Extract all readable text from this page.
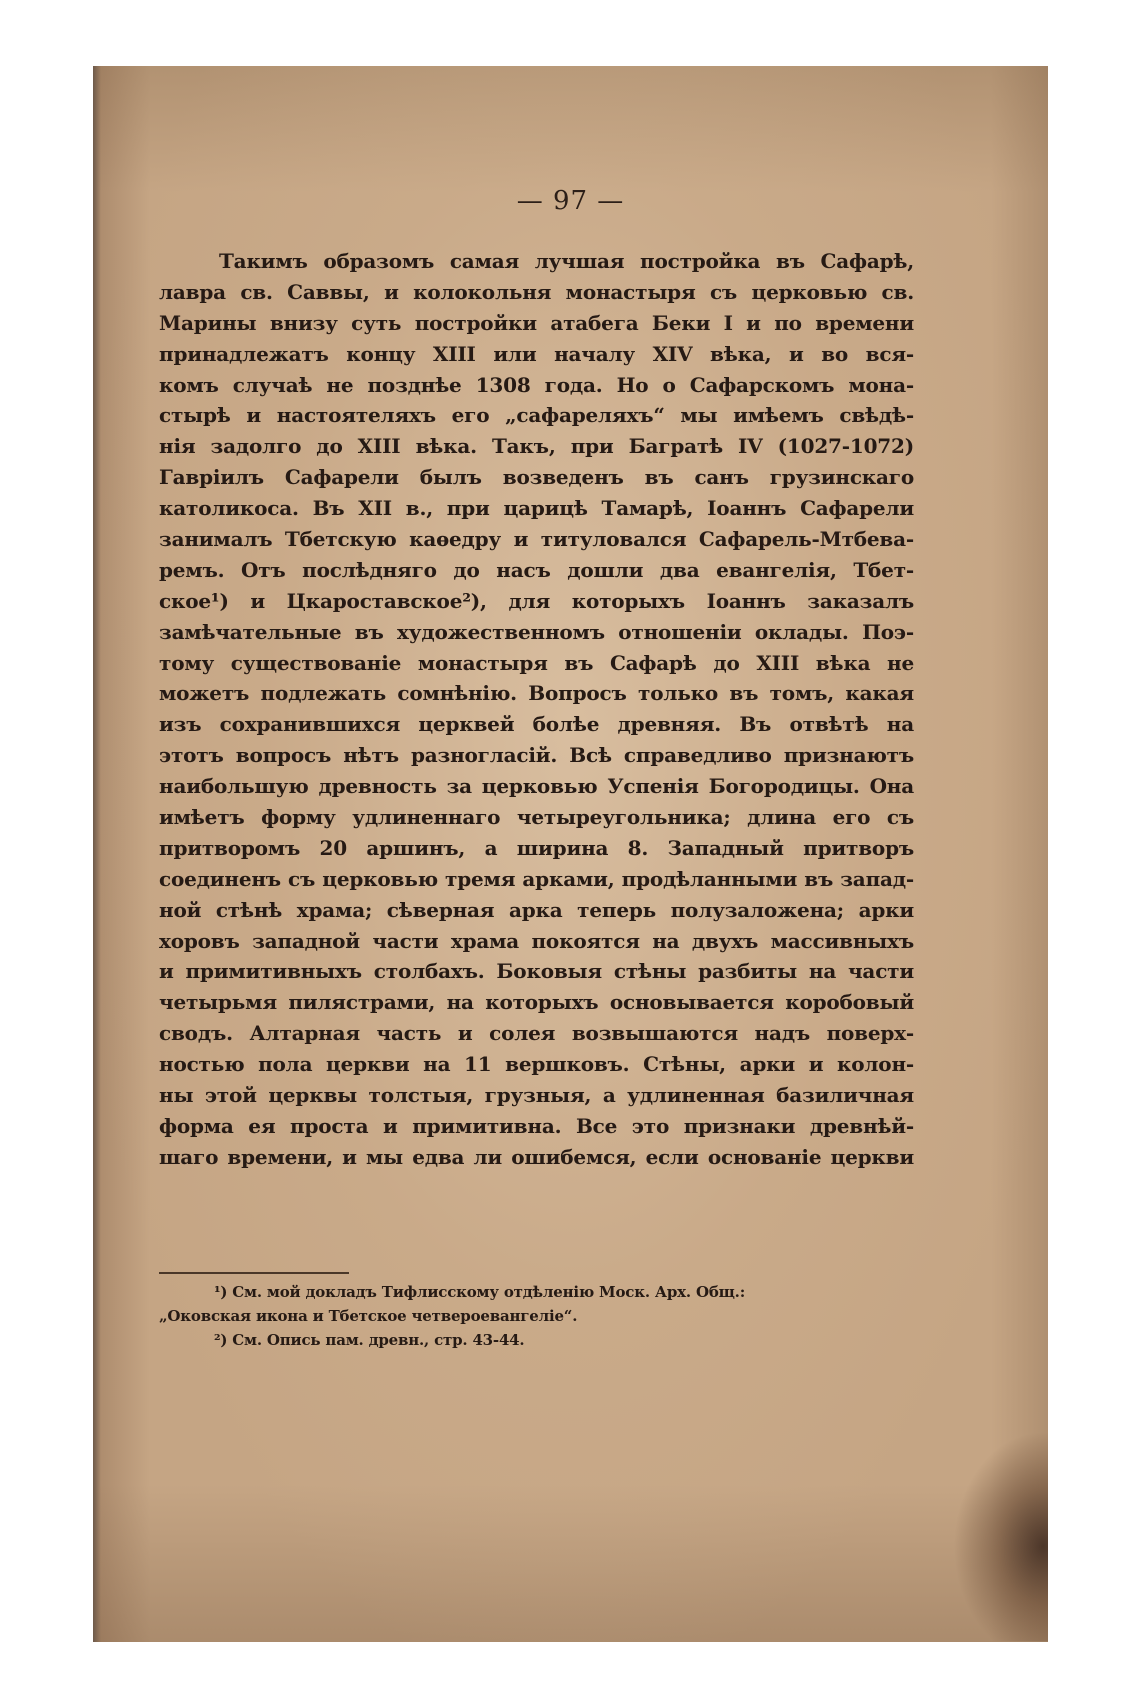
— 97 —
Такимъ образомъ самая лучшая постройка въ Сафарѣ,
лавра св. Саввы, и колокольня монастыря съ церковью св.
Марины внизу суть постройки атабега Беки I и по времени
принадлежатъ концу XIII или началу XIV вѣка, и во вся-
комъ случаѣ не позднѣе 1308 года. Но о Сафарскомъ мона-
стырѣ и настоятеляхъ его „сафареляхъ“ мы имѣемъ свѣдѣ-
нія задолго до XIII вѣка. Такъ, при Багратѣ IV (1027-1072)
Гавріилъ Сафарели былъ возведенъ въ санъ грузинскаго
католикоса. Въ XII в., при царицѣ Тамарѣ, Іоаннъ Сафарели
занималъ Тбетскую каѳедру и титуловался Сафарель-Мтбева-
ремъ. Отъ послѣдняго до насъ дошли два евангелія, Тбет-
ское¹) и Цкароставское²), для которыхъ Іоаннъ заказалъ
замѣчательные въ художественномъ отношеніи оклады. Поэ-
тому существованіе монастыря въ Сафарѣ до XIII вѣка не
можетъ подлежать сомнѣнію. Вопросъ только въ томъ, какая
изъ сохранившихся церквей болѣе древняя. Въ отвѣтѣ на
этотъ вопросъ нѣтъ разногласій. Всѣ справедливо признаютъ
наибольшую древность за церковью Успенія Богородицы. Она
имѣетъ форму удлиненнаго четыреугольника; длина его съ
притворомъ 20 аршинъ, а ширина 8. Западный притворъ
соединенъ съ церковью тремя арками, продѣланными въ запад-
ной стѣнѣ храма; сѣверная арка теперь полузаложена; арки
хоровъ западной части храма покоятся на двухъ массивныхъ
и примитивныхъ столбахъ. Боковыя стѣны разбиты на части
четырьмя пилястрами, на которыхъ основывается коробовый
сводъ. Алтарная часть и солея возвышаются надъ поверх-
ностью пола церкви на 11 вершковъ. Стѣны, арки и колон-
ны этой церквы толстыя, грузныя, а удлиненная базиличная
форма ея проста и примитивна. Все это признаки древнѣй-
шаго времени, и мы едва ли ошибемся, если основаніе церкви
¹) См. мой докладъ Тифлисскому отдѣленію Моск. Арх. Общ.:
„Оковская икона и Тбетское четвероевангеліе“.
²) См. Опись пам. древн., стр. 43-44.
